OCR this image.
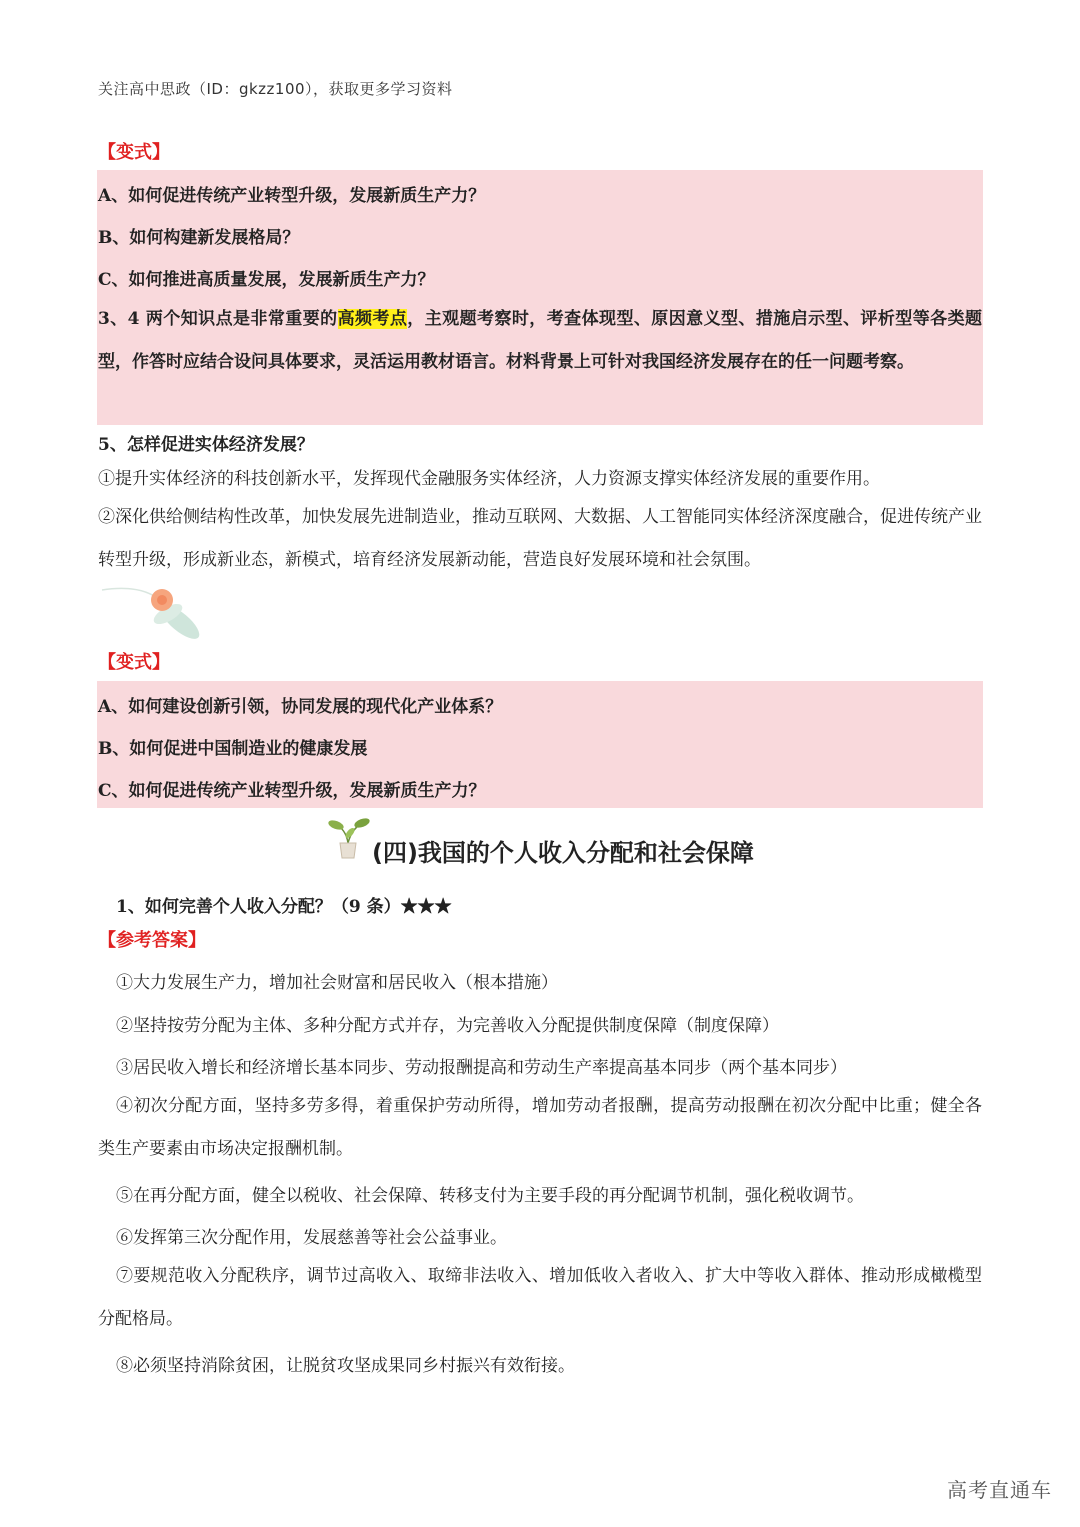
关注高中思政（ID：gkzz100），获取更多学习资料
【变式】
A、如何促进传统产业转型升级，发展新质生产力？
B、如何构建新发展格局？
C、如何推进高质量发展，发展新质生产力？
3、4 两个知识点是非常重要的高频考点，主观题考察时，考查体现型、原因意义型、措施启示型、评析型等各类题型，作答时应结合设问具体要求，灵活运用教材语言。材料背景上可针对我国经济发展存在的任一问题考察。
5、怎样促进实体经济发展？
①提升实体经济的科技创新水平，发挥现代金融服务实体经济，人力资源支撑实体经济发展的重要作用。
②深化供给侧结构性改革，加快发展先进制造业，推动互联网、大数据、人工智能同实体经济深度融合，促进传统产业转型升级，形成新业态，新模式，培育经济发展新动能，营造良好发展环境和社会氛围。
【变式】
A、如何建设创新引领，协同发展的现代化产业体系？
B、如何促进中国制造业的健康发展
C、如何促进传统产业转型升级，发展新质生产力？
(四)我国的个人收入分配和社会保障
1、如何完善个人收入分配？（9 条）★★★
【参考答案】
①大力发展生产力，增加社会财富和居民收入（根本措施）
②坚持按劳分配为主体、多种分配方式并存，为完善收入分配提供制度保障（制度保障）
③居民收入增长和经济增长基本同步、劳动报酬提高和劳动生产率提高基本同步（两个基本同步）
④初次分配方面，坚持多劳多得，着重保护劳动所得，增加劳动者报酬，提高劳动报酬在初次分配中比重；健全各类生产要素由市场决定报酬机制。
⑤在再分配方面，健全以税收、社会保障、转移支付为主要手段的再分配调节机制，强化税收调节。
⑥发挥第三次分配作用，发展慈善等社会公益事业。
⑦要规范收入分配秩序，调节过高收入、取缔非法收入、增加低收入者收入、扩大中等收入群体、推动形成橄榄型分配格局。
⑧必须坚持消除贫困，让脱贫攻坚成果同乡村振兴有效衔接。
高考直通车
